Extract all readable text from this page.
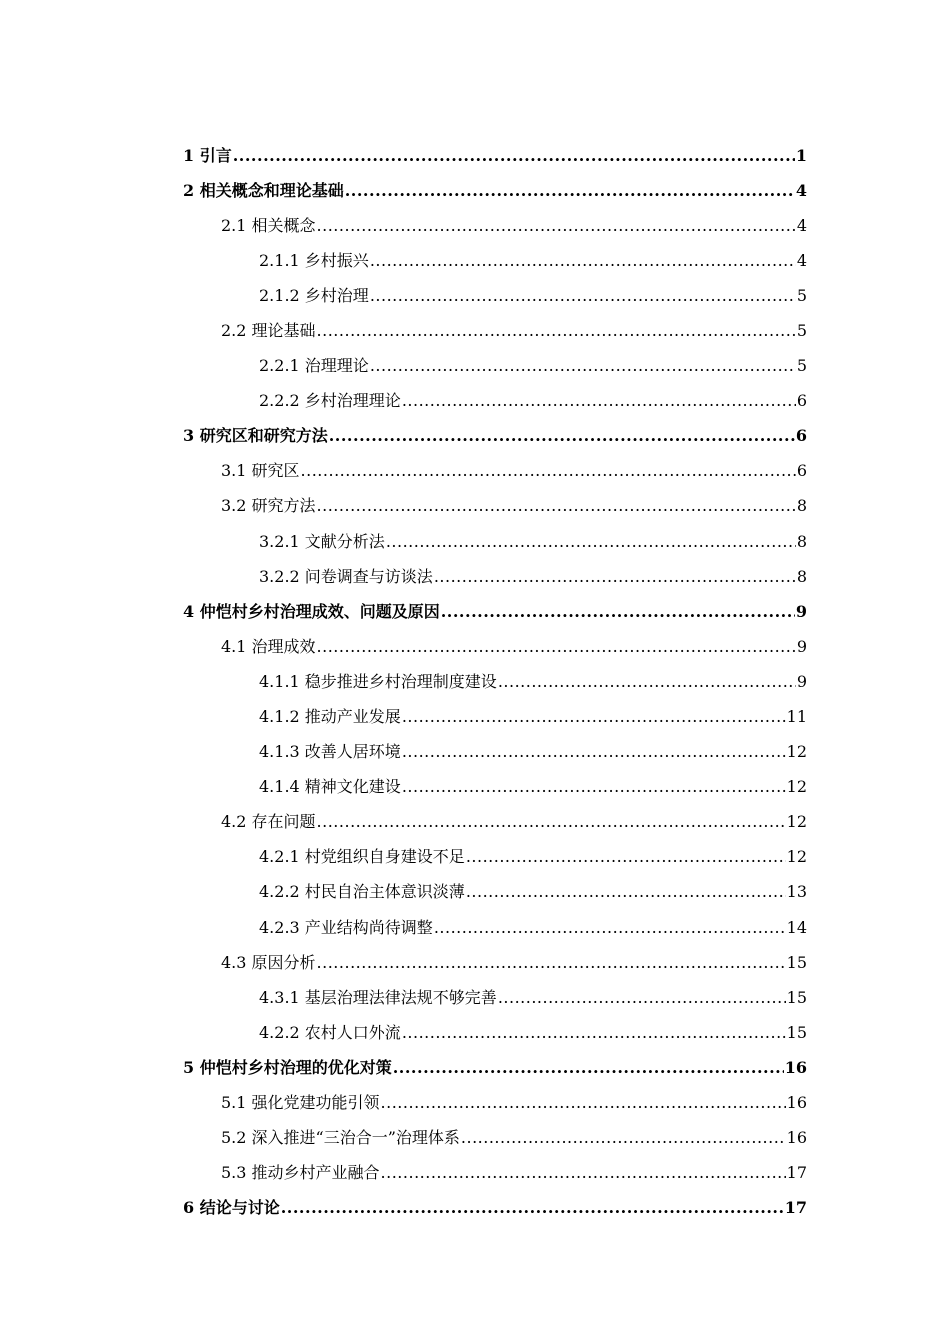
1 引言 .....	1
2 相关概念和理论基础 .....	4
2.1 相关概念 .....	4
2.1.1 乡村振兴 .....	4
2.1.2 乡村治理 .....	5
2.2 理论基础 .....	5
2.2.1 治理理论 .....	5
2.2.2 乡村治理理论 .....	6
3 研究区和研究方法 .....	6
3.1 研究区 .....	6
3.2 研究方法 .....	8
3.2.1 文献分析法 .....	8
3.2.2 问卷调查与访谈法 .....	8
4 仲恺村乡村治理成效、问题及原因 .....	9
4.1 治理成效 .....	9
4.1.1 稳步推进乡村治理制度建设 .....	9
4.1.2 推动产业发展 .....	11
4.1.3 改善人居环境 .....	12
4.1.4 精神文化建设 .....	12
4.2 存在问题 .....	12
4.2.1 村党组织自身建设不足 .....	12
4.2.2 村民自治主体意识淡薄 .....	13
4.2.3 产业结构尚待调整 .....	14
4.3 原因分析 .....	15
4.3.1 基层治理法律法规不够完善 .....	15
4.2.2 农村人口外流 .....	15
5 仲恺村乡村治理的优化对策 .....	16
5.1 强化党建功能引领 .....	16
5.2 深入推进“三治合一”治理体系 .....	16
5.3 推动乡村产业融合 .....	17
6 结论与讨论 .....	17
